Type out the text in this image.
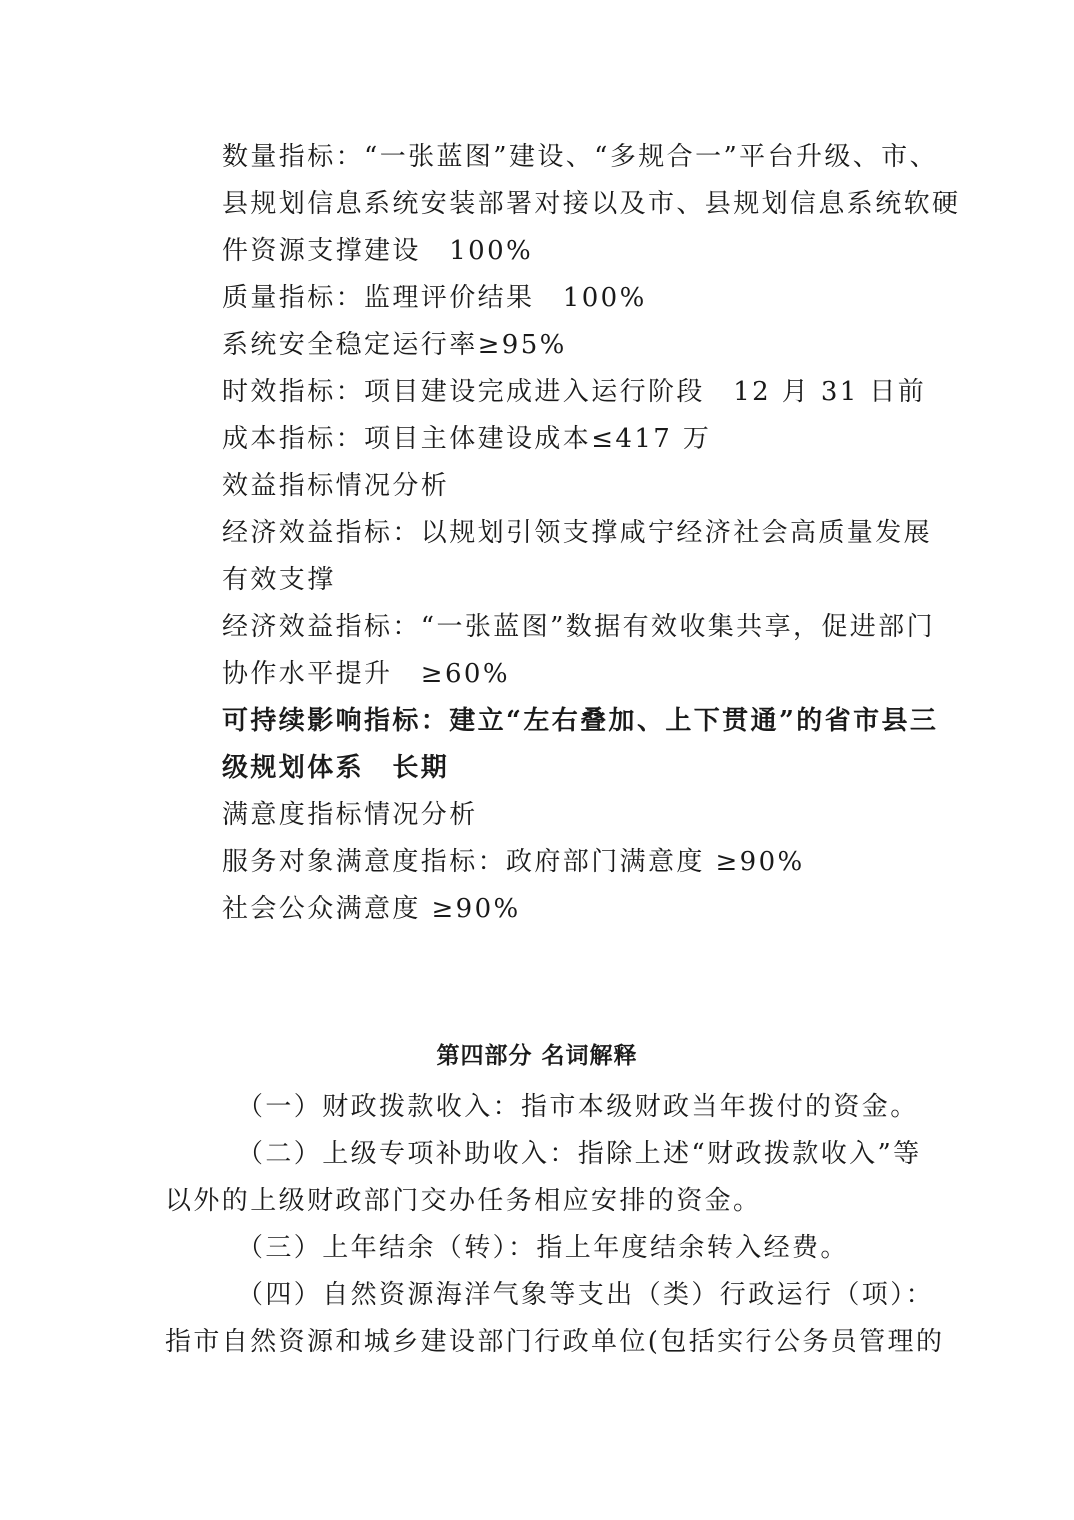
数量指标：“一张蓝图”建设、“多规合一”平台升级、市、
县规划信息系统安装部署对接以及市、县规划信息系统软硬
件资源支撑建设　100%
质量指标：监理评价结果　100%
系统安全稳定运行率≥95%
时效指标：项目建设完成进入运行阶段　12 月 31 日前
成本指标：项目主体建设成本≤417 万
效益指标情况分析
经济效益指标：以规划引领支撑咸宁经济社会高质量发展
有效支撑
经济效益指标：“一张蓝图”数据有效收集共享，促进部门
协作水平提升　≥60%
可持续影响指标：建立“左右叠加、上下贯通”的省市县三
级规划体系　长期
满意度指标情况分析
服务对象满意度指标：政府部门满意度 ≥90%
社会公众满意度 ≥90%
第四部分 名词解释
（一）财政拨款收入：指市本级财政当年拨付的资金。
（二）上级专项补助收入：指除上述“财政拨款收入”等
以外的上级财政部门交办任务相应安排的资金。
（三）上年结余（转）：指上年度结余转入经费。
（四）自然资源海洋气象等支出（类）行政运行（项）：
指市自然资源和城乡建设部门行政单位(包括实行公务员管理的
